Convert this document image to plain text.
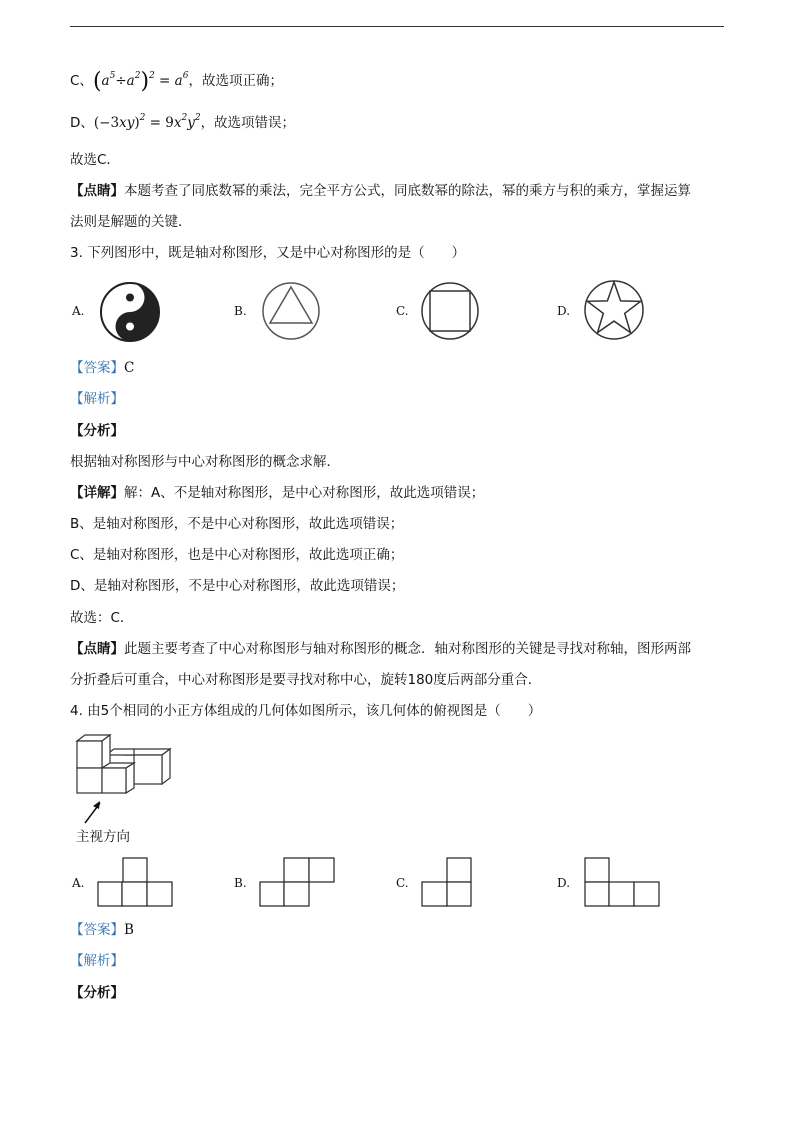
C、$(a^5\div a^2)^2 = a^6$，故选项正确；
D、$(-3xy)^2 = 9x^2y^2$，故选项错误；
故选C．
【点睛】本题考查了同底数幂的乘法，完全平方公式，同底数幂的除法，幂的乘方与积的乘方，掌握运算
法则是解题的关键．
3. 下列图形中，既是轴对称图形，又是中心对称图形的是（　　）
A.	B.	C.	D.
【答案】C
【解析】
【分析】
根据轴对称图形与中心对称图形的概念求解．
【详解】解：A、不是轴对称图形，是中心对称图形，故此选项错误；
B、是轴对称图形，不是中心对称图形，故此选项错误；
C、是轴对称图形，也是中心对称图形，故此选项正确；
D、是轴对称图形，不是中心对称图形，故此选项错误；
故选：C．
【点睛】此题主要考查了中心对称图形与轴对称图形的概念．轴对称图形的关键是寻找对称轴，图形两部
分折叠后可重合，中心对称图形是要寻找对称中心，旋转180度后两部分重合．
4. 由5个相同的小正方体组成的几何体如图所示，该几何体的俯视图是（　　）
主视方向
A.	B.	C.	D.
【答案】B
【解析】
【分析】
